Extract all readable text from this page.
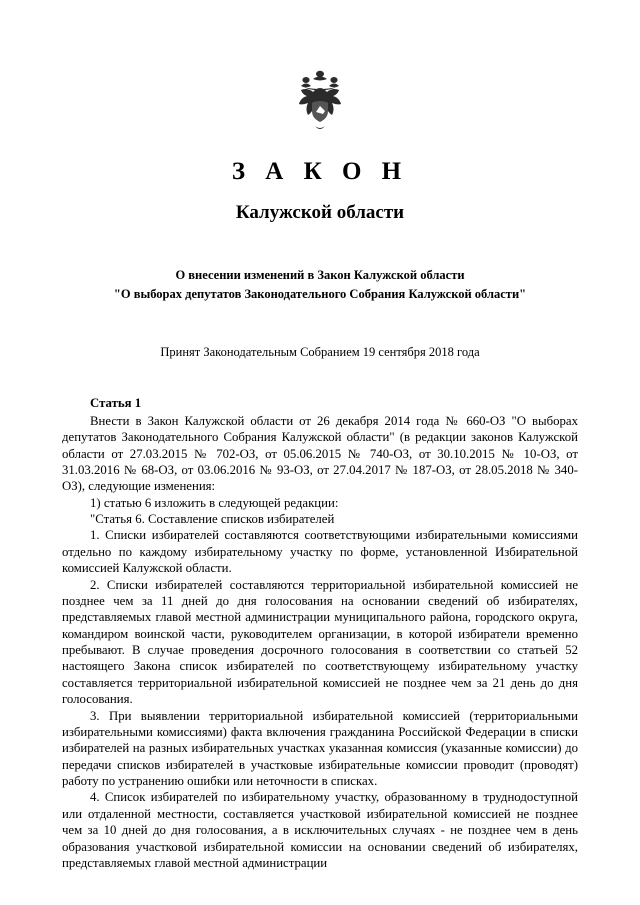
З А К О Н
Калужской области
О внесении изменений в Закон Калужской области
"О выборах депутатов Законодательного Собрания Калужской области"
Принят Законодательным Собранием 19 сентября 2018 года
Статья 1

Внести в Закон Калужской области от 26 декабря 2014 года № 660-ОЗ "О выборах депутатов Законодательного Собрания Калужской области" (в редакции законов Калужской области от 27.03.2015 № 702-ОЗ, от 05.06.2015 № 740-ОЗ, от 30.10.2015 № 10-ОЗ, от 31.03.2016 № 68-ОЗ, от 03.06.2016 № 93-ОЗ, от 27.04.2017 № 187-ОЗ, от 28.05.2018 № 340-ОЗ), следующие изменения:

1) статью 6 изложить в следующей редакции:

"Статья 6. Составление списков избирателей

1. Списки избирателей составляются соответствующими избирательными комиссиями отдельно по каждому избирательному участку по форме, установленной Избирательной комиссией Калужской области.

2. Списки избирателей составляются территориальной избирательной комиссией не позднее чем за 11 дней до дня голосования на основании сведений об избирателях, представляемых главой местной администрации муниципального района, городского округа, командиром воинской части, руководителем организации, в которой избиратели временно пребывают. В случае проведения досрочного голосования в соответствии со статьей 52 настоящего Закона список избирателей по соответствующему избирательному участку составляется территориальной избирательной комиссией не позднее чем за 21 день до дня голосования.

3. При выявлении территориальной избирательной комиссией (территориальными избирательными комиссиями) факта включения гражданина Российской Федерации в списки избирателей на разных избирательных участках указанная комиссия (указанные комиссии) до передачи списков избирателей в участковые избирательные комиссии проводит (проводят) работу по устранению ошибки или неточности в списках.

4. Список избирателей по избирательному участку, образованному в труднодоступной или отдаленной местности, составляется участковой избирательной комиссией не позднее чем за 10 дней до дня голосования, а в исключительных случаях - не позднее чем в день образования участковой избирательной комиссии на основании сведений об избирателях, представляемых главой местной администрации
